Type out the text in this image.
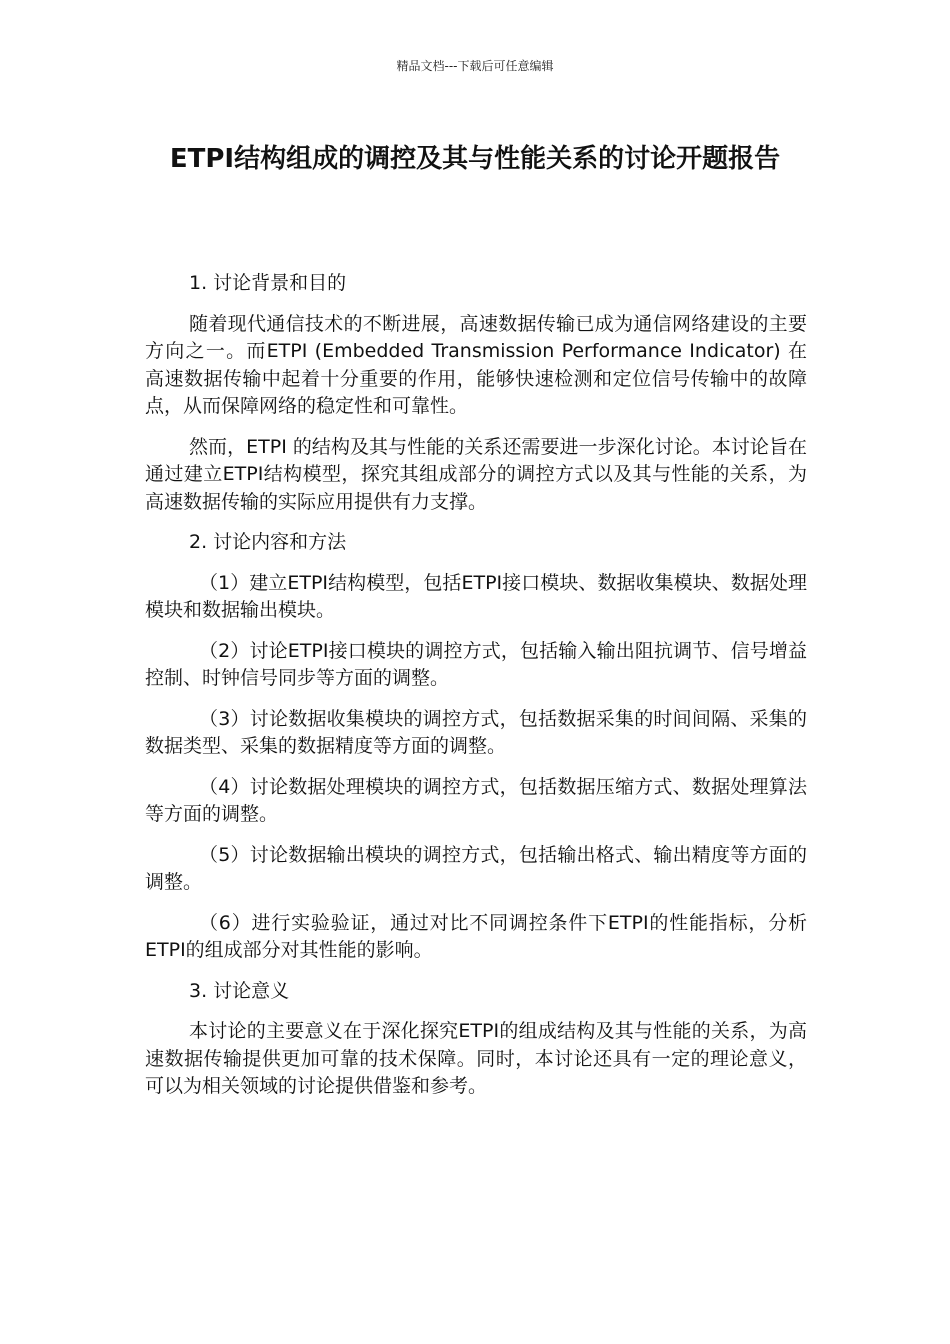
精品文档---下载后可任意编辑
ETPI结构组成的调控及其与性能关系的讨论开题报告

1. 讨论背景和目的

随着现代通信技术的不断进展，高速数据传输已成为通信网络建设的主要方向之一。而ETPI (Embedded Transmission Performance Indicator) 在高速数据传输中起着十分重要的作用，能够快速检测和定位信号传输中的故障点，从而保障网络的稳定性和可靠性。

然而，ETPI 的结构及其与性能的关系还需要进一步深化讨论。本讨论旨在通过建立ETPI结构模型，探究其组成部分的调控方式以及其与性能的关系，为高速数据传输的实际应用提供有力支撑。

2. 讨论内容和方法

（1）建立ETPI结构模型，包括ETPI接口模块、数据收集模块、数据处理模块和数据输出模块。

（2）讨论ETPI接口模块的调控方式，包括输入输出阻抗调节、信号增益控制、时钟信号同步等方面的调整。

（3）讨论数据收集模块的调控方式，包括数据采集的时间间隔、采集的数据类型、采集的数据精度等方面的调整。

（4）讨论数据处理模块的调控方式，包括数据压缩方式、数据处理算法等方面的调整。

（5）讨论数据输出模块的调控方式，包括输出格式、输出精度等方面的调整。

（6）进行实验验证，通过对比不同调控条件下ETPI的性能指标，分析ETPI的组成部分对其性能的影响。

3. 讨论意义

本讨论的主要意义在于深化探究ETPI的组成结构及其与性能的关系，为高速数据传输提供更加可靠的技术保障。同时，本讨论还具有一定的理论意义，可以为相关领域的讨论提供借鉴和参考。
